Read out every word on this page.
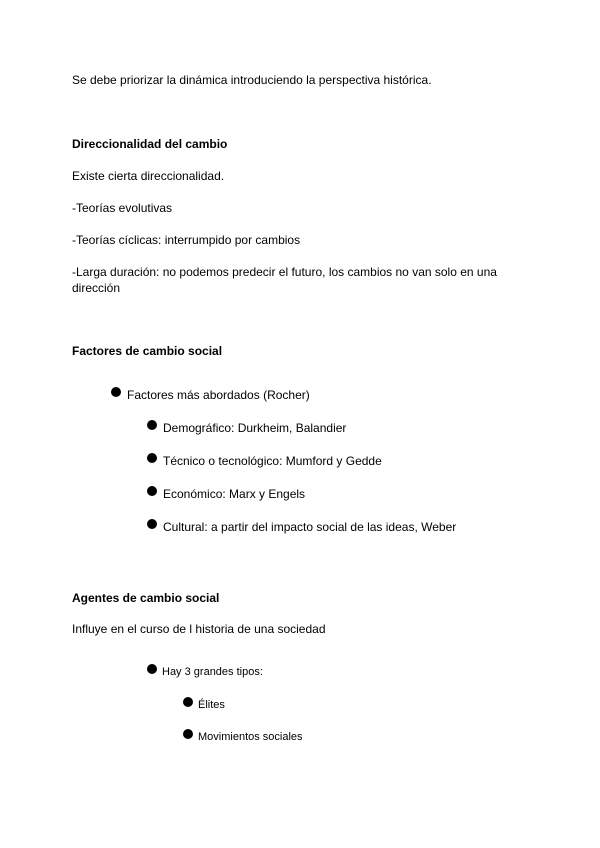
Se debe priorizar la dinámica introduciendo la perspectiva histórica.
Direccionalidad del cambio
Existe cierta direccionalidad.
-Teorías evolutivas
-Teorías cíclicas: interrumpido por cambios
-Larga duración: no podemos predecir el futuro, los cambios no van solo en una dirección
Factores de cambio social
Factores más abordados (Rocher)
Demográfico: Durkheim, Balandier
Técnico o tecnológico: Mumford y Gedde
Económico: Marx y Engels
Cultural: a partir del impacto social de las ideas, Weber
Agentes de cambio social
Influye en el curso de l historia de una sociedad
Hay 3 grandes tipos:
Élites
Movimientos sociales
